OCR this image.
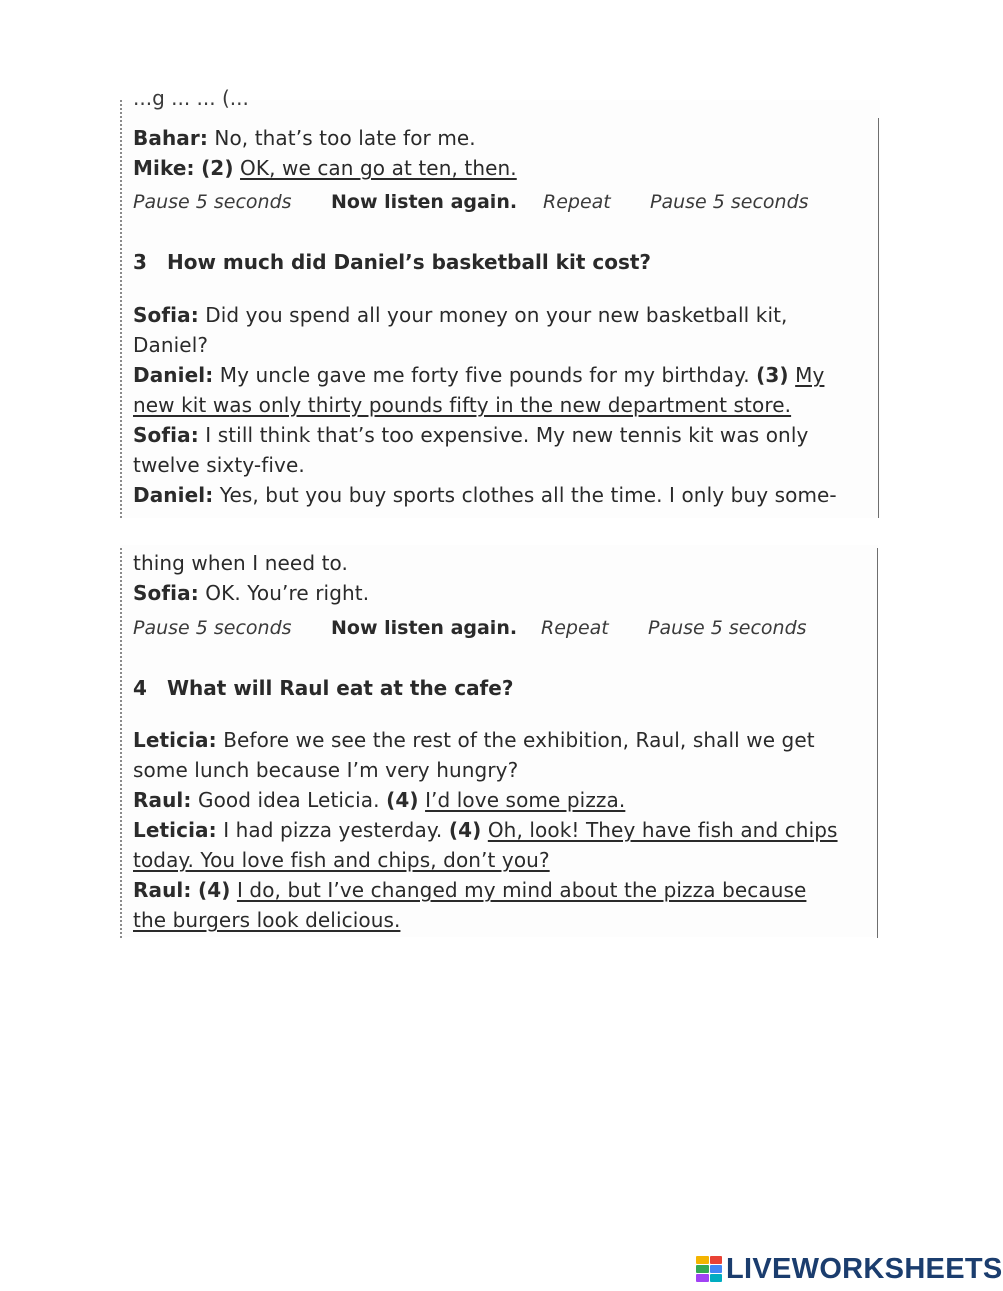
...g ... ... (...
Bahar: No, that’s too late for me.
Mike: (2) OK, we can go at ten, then.
Pause 5 seconds Now listen again. Repeat Pause 5 seconds
3 How much did Daniel’s basketball kit cost?
Sofia: Did you spend all your money on your new basketball kit,
Daniel?
Daniel: My uncle gave me forty five pounds for my birthday. (3) My
new kit was only thirty pounds fifty in the new department store.
Sofia: I still think that’s too expensive. My new tennis kit was only
twelve sixty-five.
Daniel: Yes, but you buy sports clothes all the time. I only buy some-
thing when I need to.
Sofia: OK. You’re right.
Pause 5 seconds Now listen again. Repeat Pause 5 seconds
4 What will Raul eat at the cafe?
Leticia: Before we see the rest of the exhibition, Raul, shall we get
some lunch because I’m very hungry?
Raul: Good idea Leticia. (4) I’d love some pizza.
Leticia: I had pizza yesterday. (4) Oh, look! They have fish and chips
today. You love fish and chips, don’t you?
Raul: (4) I do, but I’ve changed my mind about the pizza because
the burgers look delicious.
LIVEWORKSHEETS
